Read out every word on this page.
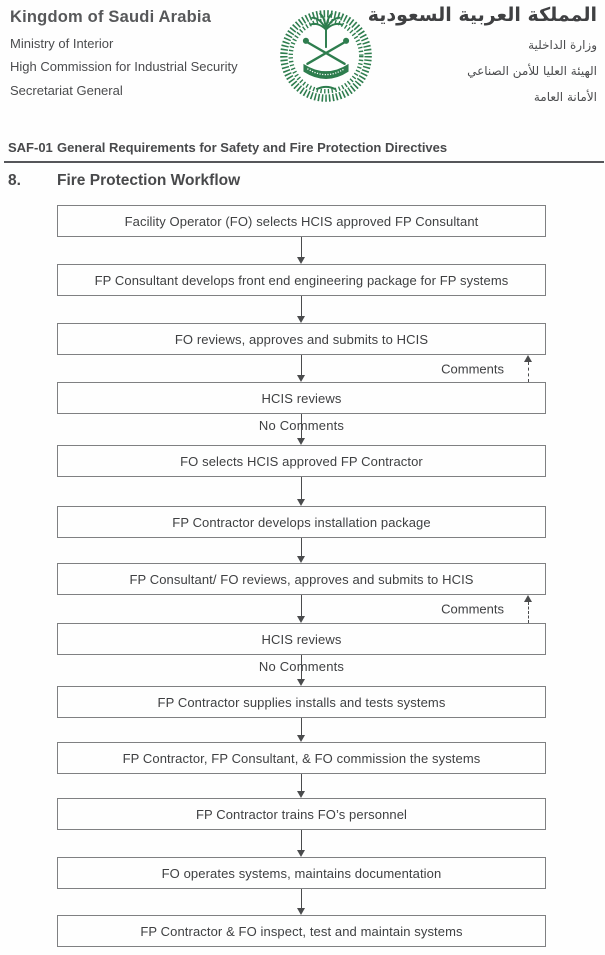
Kingdom of Saudi Arabia
Ministry of Interior
High Commission for Industrial Security
Secretariat General
المملكة العربية السعودية
وزارة الداخلية
الهيئة العليا للأمن الصناعي
الأمانة العامة
SAF-01 General Requirements for Safety and Fire Protection Directives
8.	Fire Protection Workflow
Facility Operator (FO) selects HCIS approved FP Consultant
FP Consultant develops front end engineering package for FP systems
FO reviews, approves and submits to HCIS
Comments
HCIS reviews
No Comments
FO selects HCIS approved FP Contractor
FP Contractor develops installation package
FP Consultant/ FO reviews, approves and submits to HCIS
Comments
HCIS reviews
No Comments
FP Contractor supplies installs and tests systems
FP Contractor, FP Consultant, & FO commission the systems
FP Contractor trains FO’s personnel
FO operates systems, maintains documentation
FP Contractor & FO inspect, test and maintain systems
